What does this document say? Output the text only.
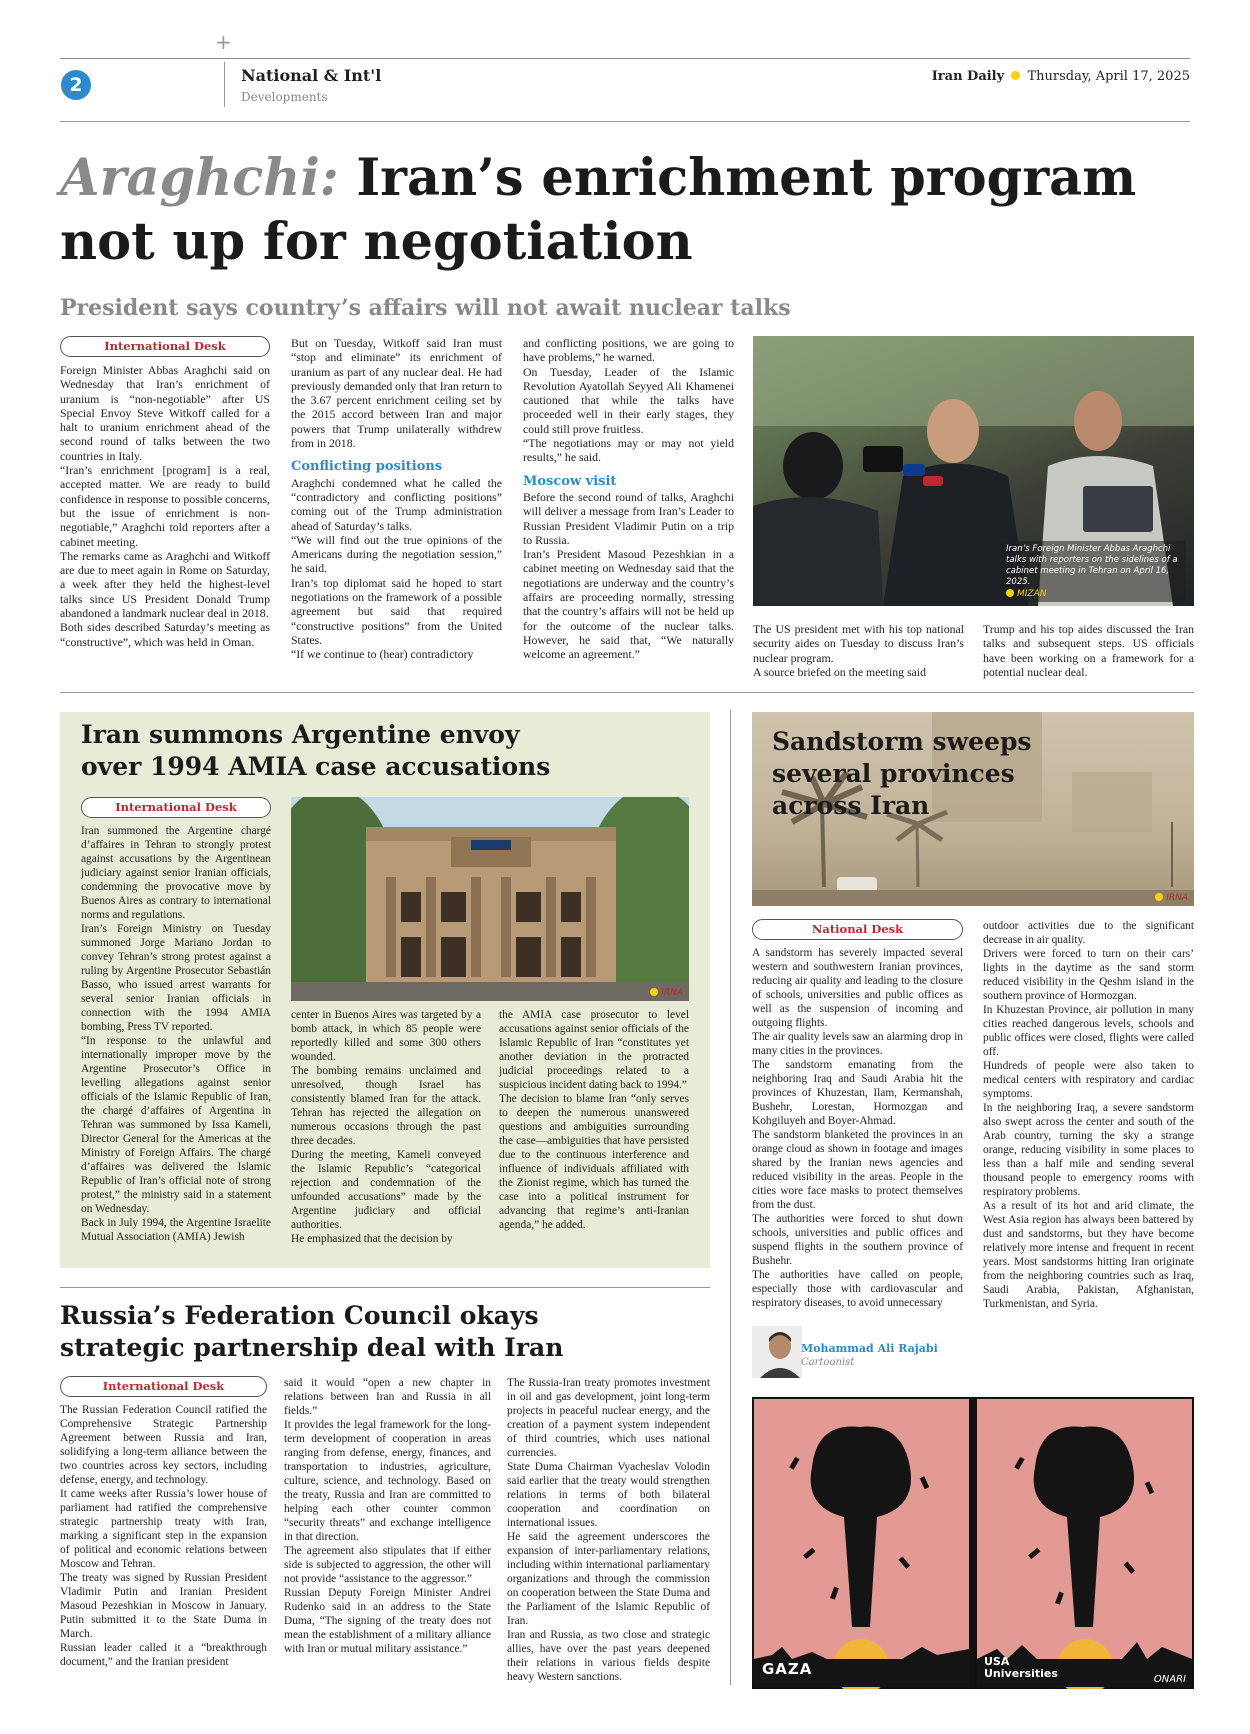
+
2	National & Int'l
Developments
Iran Daily Thursday, April 17, 2025
Araghchi: Iran’s enrichment program
not up for negotiation
President says country’s affairs will not await nuclear talks
International Desk

Foreign Minister Abbas Araghchi said on Wednesday that Iran’s enrichment of uranium is “non-negotiable” after US Special Envoy Steve Witkoff called for a halt to uranium enrichment ahead of the second round of talks between the two countries in Italy.

“Iran’s enrichment [program] is a real, accepted matter. We are ready to build confidence in response to possible concerns, but the issue of enrichment is non-negotiable,” Araghchi told reporters after a cabinet meeting.

The remarks came as Araghchi and Witkoff are due to meet again in Rome on Saturday, a week after they held the highest-level talks since US President Donald Trump abandoned a landmark nuclear deal in 2018.

Both sides described Saturday’s meeting as “constructive”, which was held in Oman.

But on Tuesday, Witkoff said Iran must “stop and eliminate” its enrichment of uranium as part of any nuclear deal. He had previously demanded only that Iran return to the 3.67 percent enrichment ceiling set by the 2015 accord between Iran and major powers that Trump unilaterally withdrew from in 2018.

Conflicting positions

Araghchi condemned what he called the “contradictory and conflicting positions” coming out of the Trump administration ahead of Saturday’s talks.

“We will find out the true opinions of the Americans during the negotiation session,” he said.

Iran’s top diplomat said he hoped to start negotiations on the framework of a possible agreement but said that required “constructive positions” from the United States.

“If we continue to (hear) contradictory

and conflicting positions, we are going to have problems,” he warned.

On Tuesday, Leader of the Islamic Revolution Ayatollah Seyyed Ali Khamenei cautioned that while the talks have proceeded well in their early stages, they could still prove fruitless.

“The negotiations may or may not yield results,” he said.

Moscow visit

Before the second round of talks, Araghchi will deliver a message from Iran’s Leader to Russian President Vladimir Putin on a trip to Russia.

Iran’s President Masoud Pezeshkian in a cabinet meeting on Wednesday said that the negotiations are underway and the country’s affairs are proceeding normally, stressing that the country’s affairs will not be held up for the outcome of the nuclear talks. However, he said that, “We naturally welcome an agreement.”

Iran’s Foreign Minister Abbas Araghchi talks with reporters on the sidelines of a cabinet meeting in Tehran on April 16, 2025.
MIZAN

The US president met with his top national security aides on Tuesday to discuss Iran’s nuclear program.

A source briefed on the meeting said

Trump and his top aides discussed the Iran talks and subsequent steps. US officials have been working on a framework for a potential nuclear deal.

Iran summons Argentine envoy
over 1994 AMIA case accusations
International Desk
IRNA

Iran summoned the Argentine chargé d’affaires in Tehran to strongly protest against accusations by the Argentinean judiciary against senior Iranian officials, condemning the provocative move by Buenos Aires as contrary to international norms and regulations.

Iran’s Foreign Ministry on Tuesday summoned Jorge Mariano Jordan to convey Tehran’s strong protest against a ruling by Argentine Prosecutor Sebastián Basso, who issued arrest warrants for several senior Iranian officials in connection with the 1994 AMIA bombing, Press TV reported.

“In response to the unlawful and internationally improper move by the Argentine Prosecutor’s Office in levelling allegations against senior officials of the Islamic Republic of Iran, the chargé d’affaires of Argentina in Tehran was summoned by Issa Kameli, Director General for the Americas at the Ministry of Foreign Affairs. The chargé d’affaires was delivered the Islamic Republic of Iran’s official note of strong protest,” the ministry said in a statement on Wednesday.

Back in July 1994, the Argentine Israelite Mutual Association (AMIA) Jewish

center in Buenos Aires was targeted by a bomb attack, in which 85 people were reportedly killed and some 300 others wounded.

The bombing remains unclaimed and unresolved, though Israel has consistently blamed Iran for the attack. Tehran has rejected the allegation on numerous occasions through the past three decades.

During the meeting, Kameli conveyed the Islamic Republic’s “categorical rejection and condemnation of the unfounded accusations” made by the Argentine judiciary and official authorities.

He emphasized that the decision by

the AMIA case prosecutor to level accusations against senior officials of the Islamic Republic of Iran “constitutes yet another deviation in the protracted judicial proceedings related to a suspicious incident dating back to 1994.”

The decision to blame Iran “only serves to deepen the numerous unanswered questions and ambiguities surrounding the case—ambiguities that have persisted due to the continuous interference and influence of individuals affiliated with the Zionist regime, which has turned the case into a political instrument for advancing that regime’s anti-Iranian agenda,” he added.

Russia’s Federation Council okays
strategic partnership deal with Iran
International Desk

The Russian Federation Council ratified the Comprehensive Strategic Partnership Agreement between Russia and Iran, solidifying a long-term alliance between the two countries across key sectors, including defense, energy, and technology.

It came weeks after Russia’s lower house of parliament had ratified the comprehensive strategic partnership treaty with Iran, marking a significant step in the expansion of political and economic relations between Moscow and Tehran.

The treaty was signed by Russian President Vladimir Putin and Iranian President Masoud Pezeshkian in Moscow in January. Putin submitted it to the State Duma in March.

Russian leader called it a “breakthrough document,” and the Iranian president

said it would “open a new chapter in relations between Iran and Russia in all fields.”

It provides the legal framework for the long-term development of cooperation in areas ranging from defense, energy, finances, and transportation to industries, agriculture, culture, science, and technology. Based on the treaty, Russia and Iran are committed to helping each other counter common “security threats” and exchange intelligence in that direction.

The agreement also stipulates that if either side is subjected to aggression, the other will not provide “assistance to the aggressor.”

Russian Deputy Foreign Minister Andrei Rudenko said in an address to the State Duma, “The signing of the treaty does not mean the establishment of a military alliance with Iran or mutual military assistance.”

The Russia-Iran treaty promotes investment in oil and gas development, joint long-term projects in peaceful nuclear energy, and the creation of a payment system independent of third countries, which uses national currencies.

State Duma Chairman Vyacheslav Volodin said earlier that the treaty would strengthen relations in terms of both bilateral cooperation and coordination on international issues.

He said the agreement underscores the expansion of inter-parliamentary relations, including within international parliamentary organizations and through the commission on cooperation between the State Duma and the Parliament of the Islamic Republic of Iran.

Iran and Russia, as two close and strategic allies, have over the past years deepened their relations in various fields despite heavy Western sanctions.

IRNA
Sandstorm sweeps
several provinces
across Iran
National Desk

A sandstorm has severely impacted several western and southwestern Iranian provinces, reducing air quality and leading to the closure of schools, universities and public offices as well as the suspension of incoming and outgoing flights.

The air quality levels saw an alarming drop in many cities in the provinces.

The sandstorm emanating from the neighboring Iraq and Saudi Arabia hit the provinces of Khuzestan, Ilam, Kermanshah, Bushehr, Lorestan, Hormozgan and Kohgiluyeh and Boyer-Ahmad.

The sandstorm blanketed the provinces in an orange cloud as shown in footage and images shared by the Iranian news agencies and reduced visibility in the areas. People in the cities wore face masks to protect themselves from the dust.

The authorities were forced to shut down schools, universities and public offices and suspend flights in the southern province of Bushehr.

The authorities have called on people, especially those with cardiovascular and respiratory diseases, to avoid unnecessary

outdoor activities due to the significant decrease in air quality.

Drivers were forced to turn on their cars’ lights in the daytime as the sand storm reduced visibility in the Qeshm island in the southern province of Hormozgan.

In Khuzestan Province, air pollution in many cities reached dangerous levels, schools and public offices were closed, flights were called off.

Hundreds of people were also taken to medical centers with respiratory and cardiac symptoms.

In the neighboring Iraq, a severe sandstorm also swept across the center and south of the Arab country, turning the sky a strange orange, reducing visibility in some places to less than a half mile and sending several thousand people to emergency rooms with respiratory problems.

As a result of its hot and arid climate, the West Asia region has always been battered by dust and sandstorms, but they have become relatively more intense and frequent in recent years. Most sandstorms hitting Iran originate from the neighboring countries such as Iraq, Saudi Arabia, Pakistan, Afghanistan, Turkmenistan, and Syria.

Mohammad Ali Rajabi
Cartoonist
GAZA	USA
Universities	ONARI
